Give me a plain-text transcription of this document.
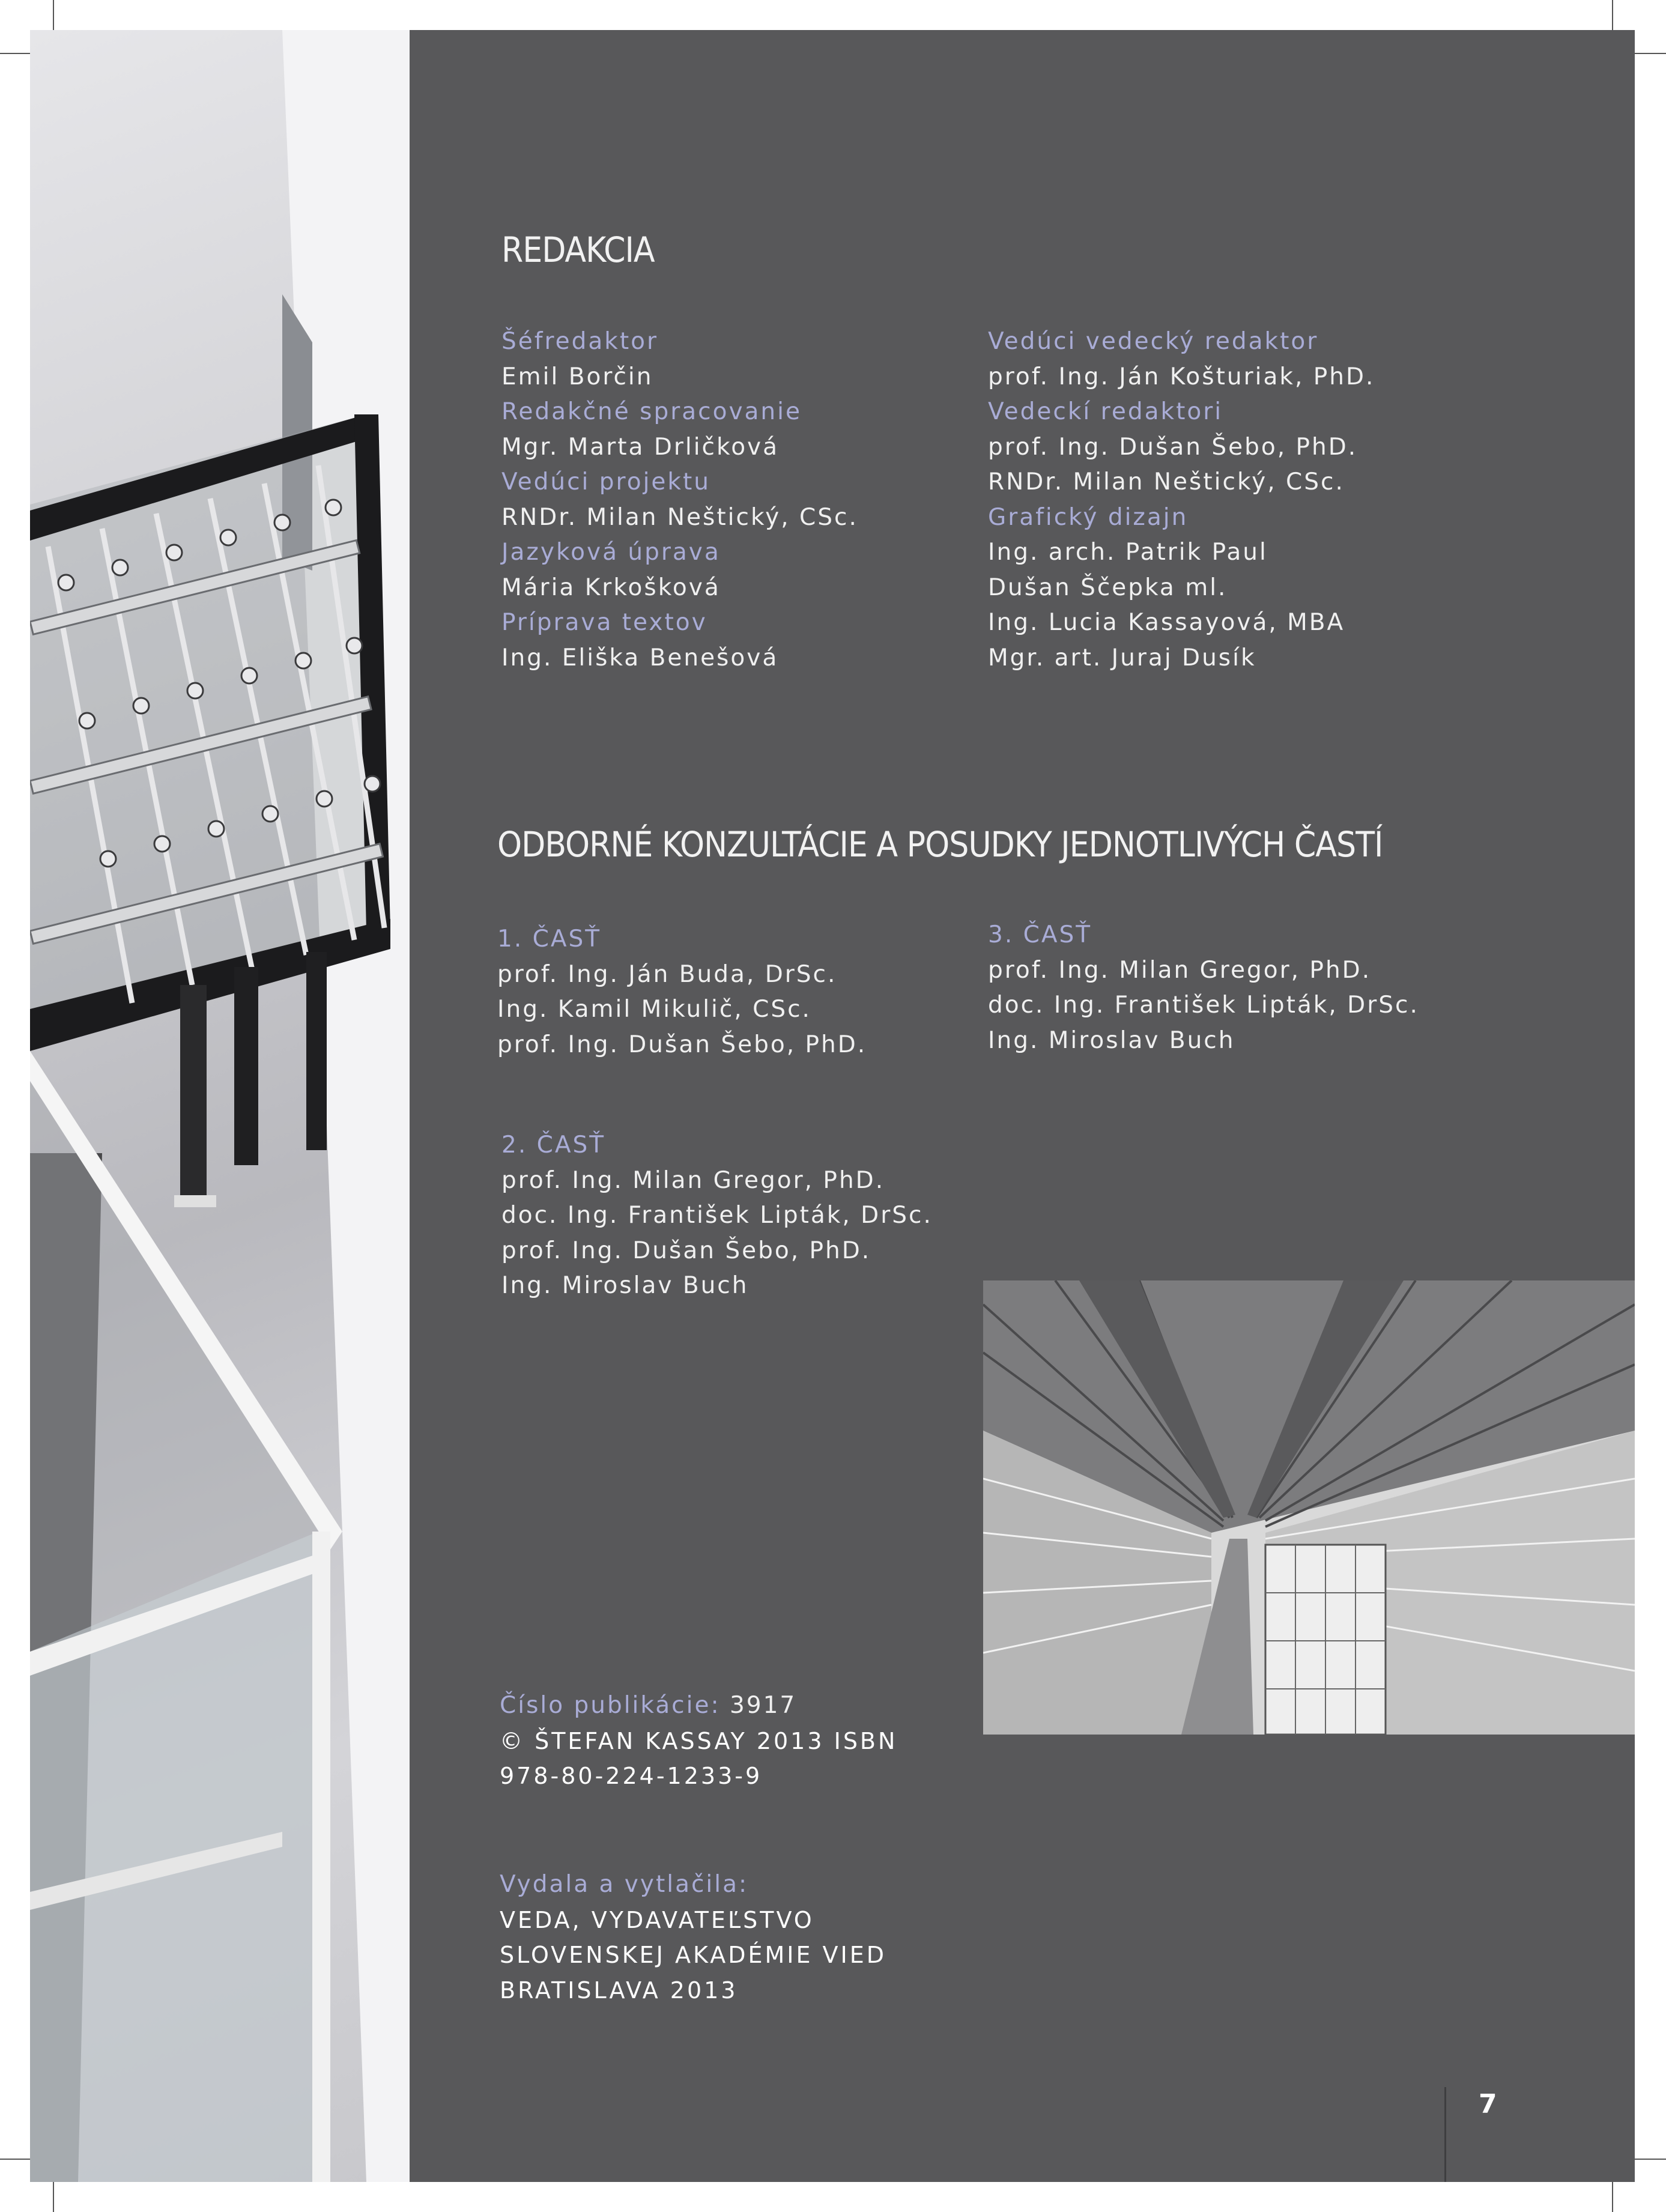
REDAKCIA
Šéfredaktor
Emil Borčin
Redakčné spracovanie
Mgr. Marta Drličková
Vedúci projektu
RNDr. Milan Neštický, CSc.
Jazyková úprava
Mária Krkošková
Príprava textov
Ing. Eliška Benešová
Vedúci vedecký redaktor
prof. Ing. Ján Košturiak, PhD.
Vedeckí redaktori
prof. Ing. Dušan Šebo, PhD.
RNDr. Milan Neštický, CSc.
Grafický dizajn
Ing. arch. Patrik Paul
Dušan Ščepka ml.
Ing. Lucia Kassayová, MBA
Mgr. art. Juraj Dusík
ODBORNÉ KONZULTÁCIE A POSUDKY JEDNOTLIVÝCH ČASTÍ
1. ČASŤ
prof. Ing. Ján Buda, DrSc.
Ing. Kamil Mikulič, CSc.
prof. Ing. Dušan Šebo, PhD.
3. ČASŤ
prof. Ing. Milan Gregor, PhD.
doc. Ing. František Lipták, DrSc.
Ing. Miroslav Buch
2. ČASŤ
prof. Ing. Milan Gregor, PhD.
doc. Ing. František Lipták, DrSc.
prof. Ing. Dušan Šebo, PhD.
Ing. Miroslav Buch
Číslo publikácie: 3917
© ŠTEFAN KASSAY 2013 ISBN
978-80-224-1233-9
Vydala a vytlačila:
VEDA, VYDAVATEĽSTVO
SLOVENSKEJ AKADÉMIE VIED
BRATISLAVA 2013
7
